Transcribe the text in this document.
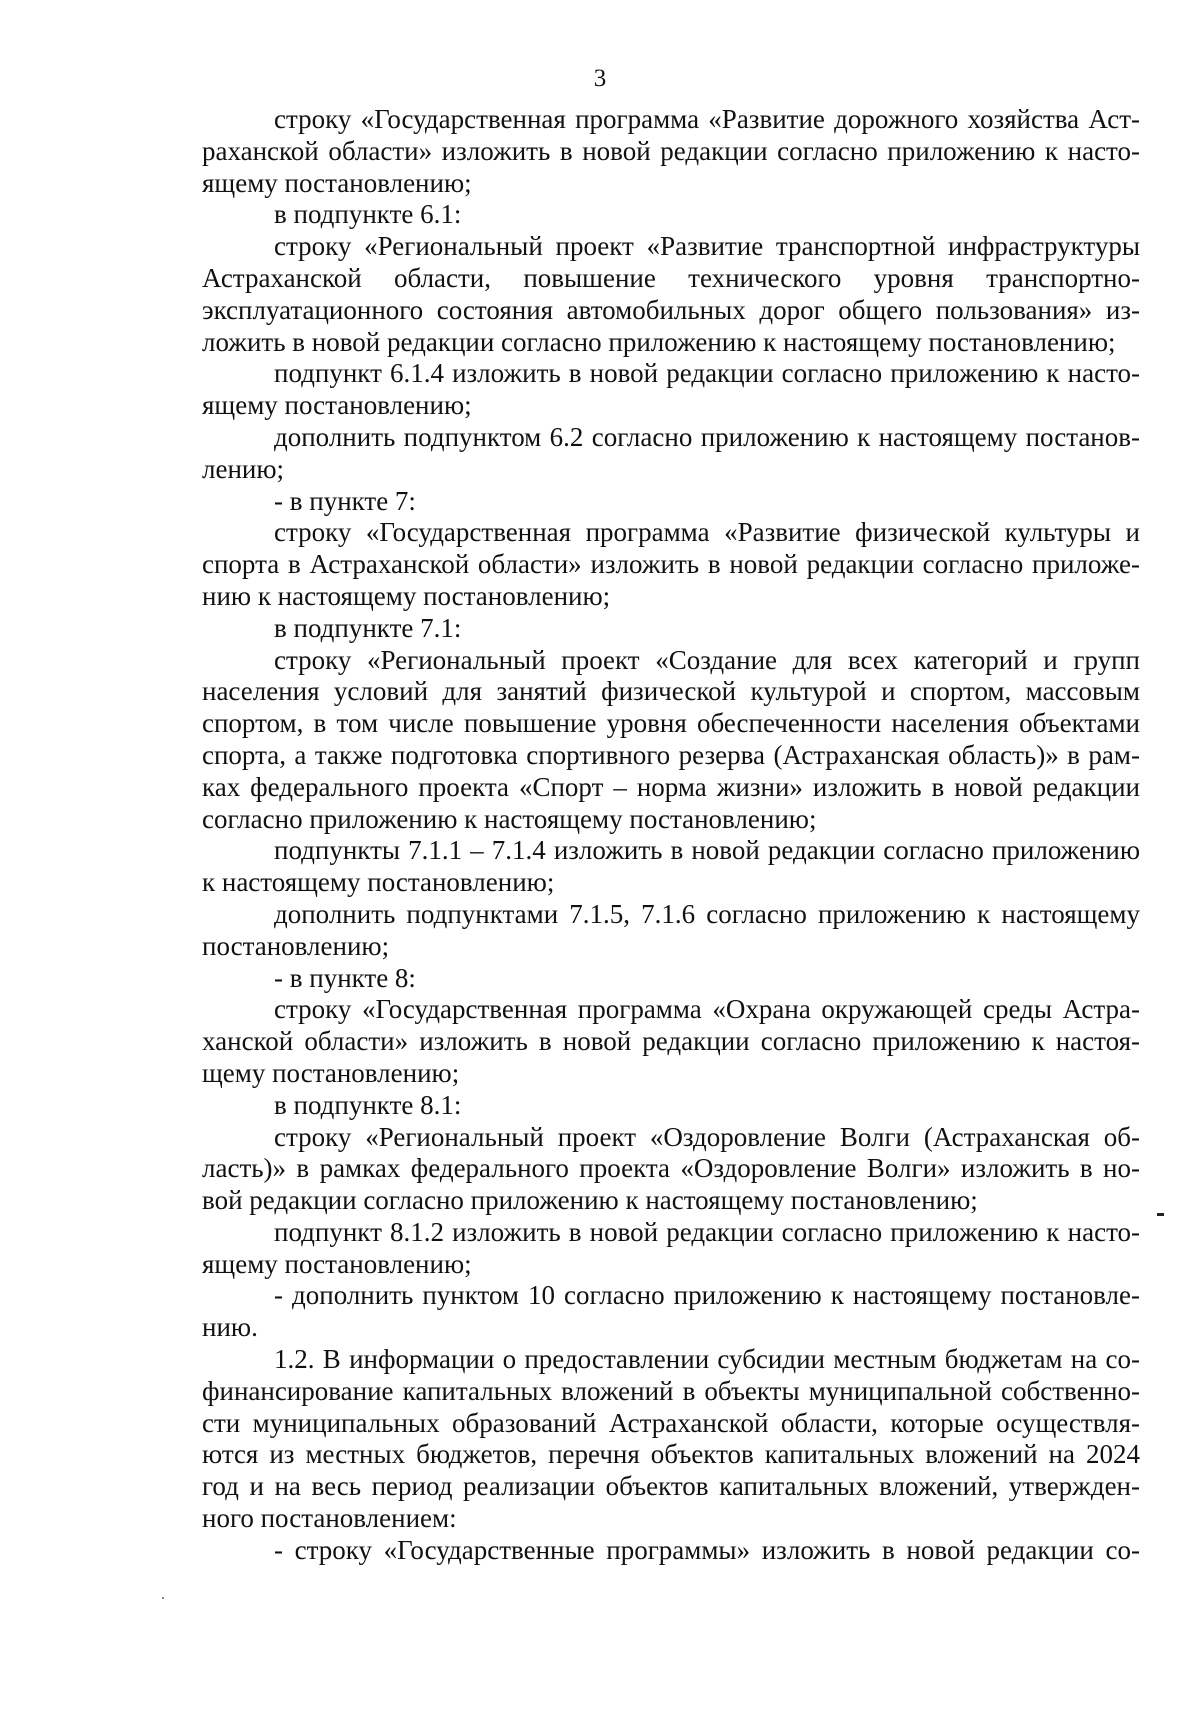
3
строку «Государственная программа «Развитие дорожного хозяйства Аст-
раханской области» изложить в новой редакции согласно приложению к насто-
ящему постановлению;
в подпункте 6.1:
строку «Региональный проект «Развитие транспортной инфраструктуры
Астраханской области, повышение технического уровня транспортно-
эксплуатационного состояния автомобильных дорог общего пользования» из-
ложить в новой редакции согласно приложению к настоящему постановлению;
подпункт 6.1.4 изложить в новой редакции согласно приложению к насто-
ящему постановлению;
дополнить подпунктом 6.2 согласно приложению к настоящему постанов-
лению;
- в пункте 7:
строку «Государственная программа «Развитие физической культуры и
спорта в Астраханской области» изложить в новой редакции согласно приложе-
нию к настоящему постановлению;
в подпункте 7.1:
строку «Региональный проект «Создание для всех категорий и групп
населения условий для занятий физической культурой и спортом, массовым
спортом, в том числе повышение уровня обеспеченности населения объектами
спорта, а также подготовка спортивного резерва (Астраханская область)» в рам-
ках федерального проекта «Спорт – норма жизни» изложить в новой редакции
согласно приложению к настоящему постановлению;
подпункты 7.1.1 – 7.1.4 изложить в новой редакции согласно приложению
к настоящему постановлению;
дополнить подпунктами 7.1.5, 7.1.6 согласно приложению к настоящему
постановлению;
- в пункте 8:
строку «Государственная программа «Охрана окружающей среды Астра-
ханской области» изложить в новой редакции согласно приложению к настоя-
щему постановлению;
в подпункте 8.1:
строку «Региональный проект «Оздоровление Волги (Астраханская об-
ласть)» в рамках федерального проекта «Оздоровление Волги» изложить в но-
вой редакции согласно приложению к настоящему постановлению;
подпункт 8.1.2 изложить в новой редакции согласно приложению к насто-
ящему постановлению;
- дополнить пунктом 10 согласно приложению к настоящему постановле-
нию.
1.2. В информации о предоставлении субсидии местным бюджетам на со-
финансирование капитальных вложений в объекты муниципальной собственно-
сти муниципальных образований Астраханской области, которые осуществля-
ются из местных бюджетов, перечня объектов капитальных вложений на 2024
год и на весь период реализации объектов капитальных вложений, утвержден-
ного постановлением:
- строку «Государственные программы» изложить в новой редакции со-
